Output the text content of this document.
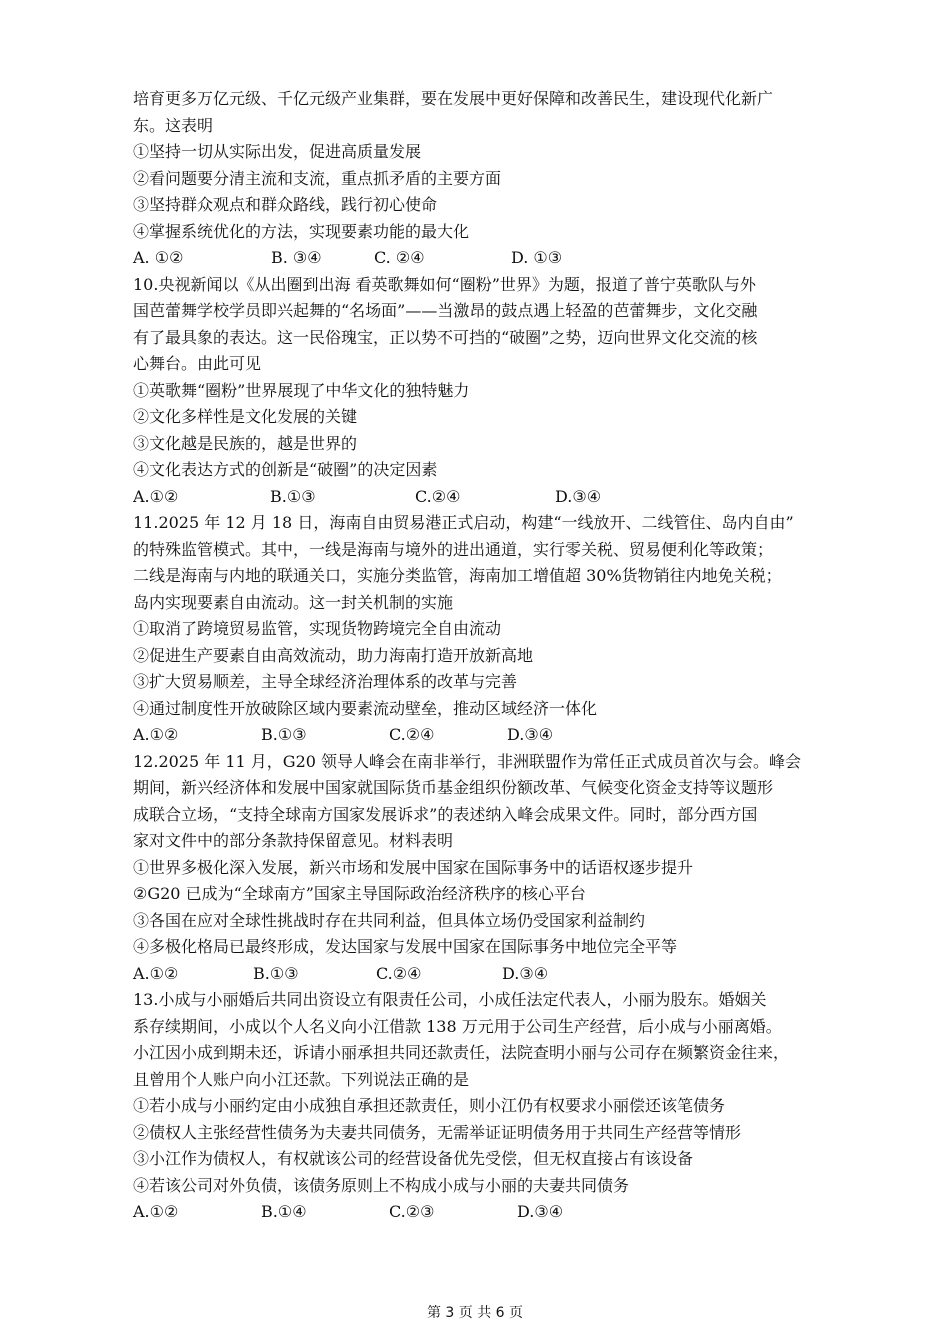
培育更多万亿元级、千亿元级产业集群，要在发展中更好保障和改善民生，建设现代化新广
东。这表明
①坚持一切从实际出发，促进高质量发展
②看问题要分清主流和支流，重点抓矛盾的主要方面
③坚持群众观点和群众路线，践行初心使命
④掌握系统优化的方法，实现要素功能的最大化
A. ①②	B. ③④	C. ②④	D. ①③
10.央视新闻以《从出圈到出海 看英歌舞如何“圈粉”世界》为题，报道了普宁英歌队与外
国芭蕾舞学校学员即兴起舞的“名场面”——当激昂的鼓点遇上轻盈的芭蕾舞步，文化交融
有了最具象的表达。这一民俗瑰宝，正以势不可挡的“破圈”之势，迈向世界文化交流的核
心舞台。由此可见
①英歌舞“圈粉”世界展现了中华文化的独特魅力
②文化多样性是文化发展的关键
③文化越是民族的，越是世界的
④文化表达方式的创新是“破圈”的决定因素
A.①②	B.①③	C.②④	D.③④
11.2025 年 12 月 18 日，海南自由贸易港正式启动，构建“一线放开、二线管住、岛内自由”
的特殊监管模式。其中，一线是海南与境外的进出通道，实行零关税、贸易便利化等政策；
二线是海南与内地的联通关口，实施分类监管，海南加工增值超 30%货物销往内地免关税；
岛内实现要素自由流动。这一封关机制的实施
①取消了跨境贸易监管，实现货物跨境完全自由流动
②促进生产要素自由高效流动，助力海南打造开放新高地
③扩大贸易顺差，主导全球经济治理体系的改革与完善
④通过制度性开放破除区域内要素流动壁垒，推动区域经济一体化
A.①②	B.①③	C.②④	D.③④
12.2025 年 11 月，G20 领导人峰会在南非举行，非洲联盟作为常任正式成员首次与会。峰会
期间，新兴经济体和发展中国家就国际货币基金组织份额改革、气候变化资金支持等议题形
成联合立场，“支持全球南方国家发展诉求”的表述纳入峰会成果文件。同时，部分西方国
家对文件中的部分条款持保留意见。材料表明
①世界多极化深入发展，新兴市场和发展中国家在国际事务中的话语权逐步提升
②G20 已成为“全球南方”国家主导国际政治经济秩序的核心平台
③各国在应对全球性挑战时存在共同利益，但具体立场仍受国家利益制约
④多极化格局已最终形成，发达国家与发展中国家在国际事务中地位完全平等
A.①②	B.①③	C.②④	D.③④
13.小成与小丽婚后共同出资设立有限责任公司，小成任法定代表人，小丽为股东。婚姻关
系存续期间，小成以个人名义向小江借款 138 万元用于公司生产经营，后小成与小丽离婚。
小江因小成到期未还，诉请小丽承担共同还款责任，法院查明小丽与公司存在频繁资金往来，
且曾用个人账户向小江还款。下列说法正确的是
①若小成与小丽约定由小成独自承担还款责任，则小江仍有权要求小丽偿还该笔债务
②债权人主张经营性债务为夫妻共同债务，无需举证证明债务用于共同生产经营等情形
③小江作为债权人，有权就该公司的经营设备优先受偿，但无权直接占有该设备
④若该公司对外负债，该债务原则上不构成小成与小丽的夫妻共同债务
A.①②	B.①④	C.②③	D.③④
第 3 页 共 6 页
